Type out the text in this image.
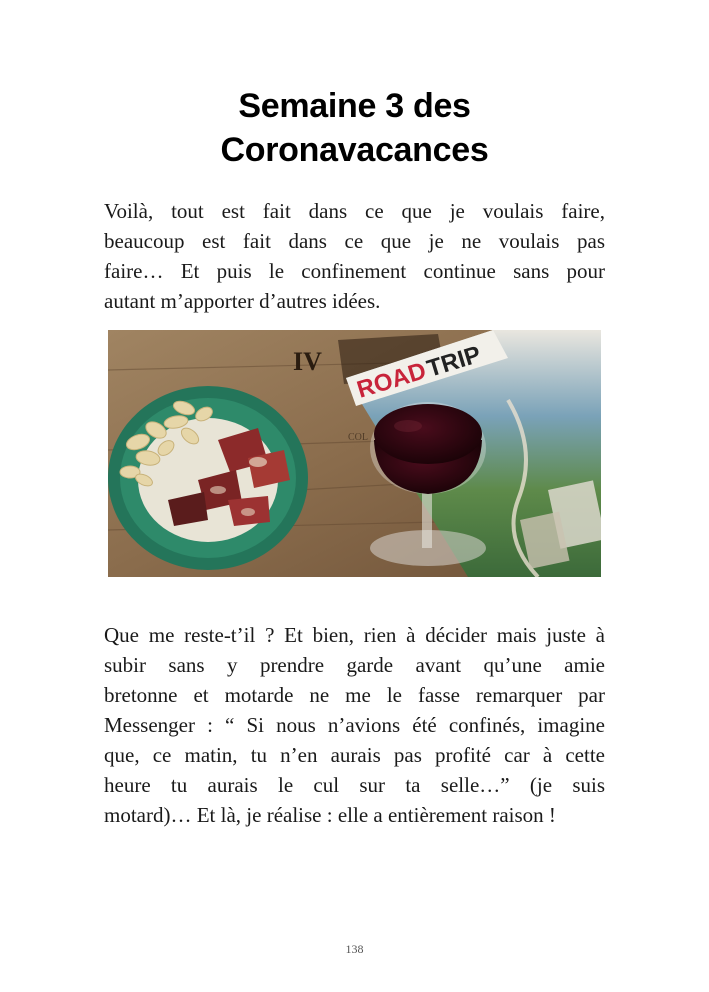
Semaine 3 des
Coronavacances
Voilà, tout est fait dans ce que je voulais faire,
beaucoup est fait dans ce que je ne voulais pas
faire… Et puis le confinement continue sans pour
autant m’apporter d’autres idées.
IV
COL
ROAD
TRIP
Que me reste-t’il ? Et bien, rien à décider mais juste à
subir sans y prendre garde avant qu’une amie
bretonne et motarde ne me le fasse remarquer par
Messenger : “ Si nous n’avions été confinés, imagine
que, ce matin, tu n’en aurais pas profité car à cette
heure tu aurais le cul sur ta selle…” (je suis
motard)… Et là, je réalise : elle a entièrement raison !
138
